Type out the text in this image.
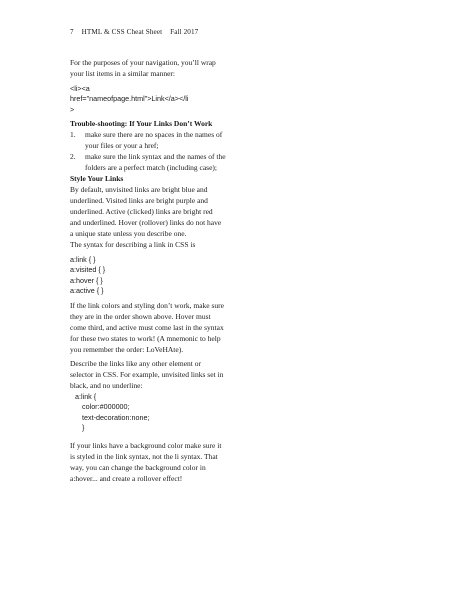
7 HTML & CSS Cheat Sheet Fall 2017

For the purposes of your navigation, you’ll wrap

your list items in a similar manner:

<li><a

href="nameofpage.html">Link</a></li

>

Trouble-shooting: If Your Links Don’t Work

1. make sure there are no spaces in the names of
your files or your a href;
2. make sure the link syntax and the names of the
folders are a perfect match (including case);

Style Your Links

By default, unvisited links are bright blue and

underlined. Visited links are bright purple and

underlined. Active (clicked) links are bright red

and underlined. Hover (rollover) links do not have

a unique state unless you describe one.

The syntax for describing a link in CSS is

a:link { }

a:visited { }

a:hover { }

a:active { }

If the link colors and styling don’t work, make sure

they are in the order shown above. Hover must

come third, and active must come last in the syntax

for these two states to work! (A mnemonic to help

you remember the order: LoVeHAte).

Describe the links like any other element or

selector in CSS. For example, unvisited links set in

black, and no underline:

a:link {

color:#000000;

text-decoration:none;

}

If your links have a background color make sure it

is styled in the link syntax, not the li syntax. That

way, you can change the background color in

a:hover... and create a rollover effect!
